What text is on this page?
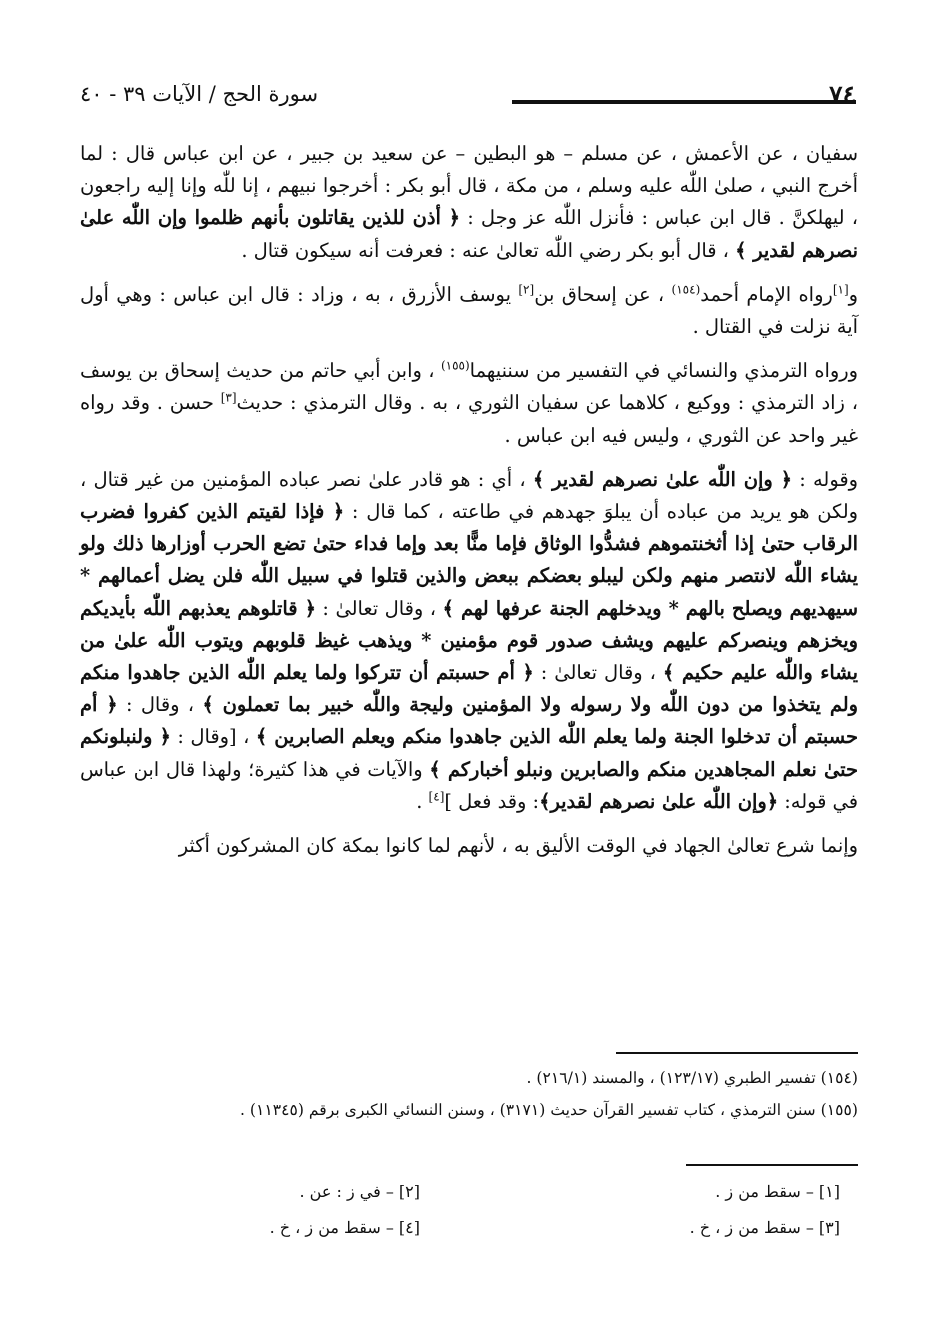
٧٤
سورة الحج / الآيات ٣٩ - ٤٠

سفيان ، عن الأعمش ، عن مسلم – هو البطين – عن سعيد بن جبير ، عن ابن عباس قال : لما أخرج النبي ، صلىٰ اللّٰه عليه وسلم ، من مكة ، قال أبو بكر : أخرجوا نبيهم ، إنا للّٰه وإنا إليه راجعون ، ليهلكنَّ . قال ابن عباس : فأنزل اللّٰه عز وجل : ﴿ أذن للذين يقاتلون بأنهم ظلموا وإن اللّٰه علىٰ نصرهم لقدير ﴾ ، قال أبو بكر رضي اللّٰه تعالىٰ عنه : فعرفت أنه سيكون قتال .

و[١]رواه الإمام أحمد$^{(١٥٤)}$ ، عن إسحاق بن[٢] يوسف الأزرق ، به ، وزاد : قال ابن عباس : وهي أول آية نزلت في القتال .

ورواه الترمذي والنسائي في التفسير من سننيهما$^{(١٥٥)}$ ، وابن أبي حاتم من حديث إسحاق بن يوسف ، زاد الترمذي : ووكيع ، كلاهما عن سفيان الثوري ، به . وقال الترمذي : حديث[٣] حسن . وقد رواه غير واحد عن الثوري ، وليس فيه ابن عباس .

وقوله : ﴿ وإن اللّٰه علىٰ نصرهم لقدير ﴾ ، أي : هو قادر علىٰ نصر عباده المؤمنين من غير قتال ، ولكن هو يريد من عباده أن يبلوَ جهدهم في طاعته ، كما قال : ﴿ فإذا لقيتم الذين كفروا فضرب الرقاب حتىٰ إذا أثخنتموهم فشدُّوا الوثاق فإما منًّا بعد وإما فداء حتىٰ تضع الحرب أوزارها ذلك ولو يشاء اللّٰه لانتصر منهم ولكن ليبلو بعضكم ببعض والذين قتلوا في سبيل اللّٰه فلن يضل أعمالهم * سيهديهم ويصلح بالهم * ويدخلهم الجنة عرفها لهم ﴾ ، وقال تعالىٰ : ﴿ قاتلوهم يعذبهم اللّٰه بأيديكم ويخزهم وينصركم عليهم ويشف صدور قوم مؤمنين * ويذهب غيظ قلوبهم ويتوب اللّٰه علىٰ من يشاء واللّٰه عليم حكيم ﴾ ، وقال تعالىٰ : ﴿ أم حسبتم أن تتركوا ولما يعلم اللّٰه الذين جاهدوا منكم ولم يتخذوا من دون اللّٰه ولا رسوله ولا المؤمنين وليجة واللّٰه خبير بما تعملون ﴾ ، وقال : ﴿ أم حسبتم أن تدخلوا الجنة ولما يعلم اللّٰه الذين جاهدوا منكم ويعلم الصابرين ﴾ ، [وقال : ﴿ ولنبلونكم حتىٰ نعلم المجاهدين منكم والصابرين ونبلو أخباركم ﴾ والآيات في هذا كثيرة؛ ولهذا قال ابن عباس في قوله: ﴿وإن اللّٰه علىٰ نصرهم لقدير﴾: وقد فعل ][٤] .

وإنما شرع تعالىٰ الجهاد في الوقت الأليق به ، لأنهم لما كانوا بمكة كان المشركون أكثر

(١٥٤) تفسير الطبري (١٢٣/١٧) ، والمسند (٢١٦/١) .
(١٥٥) سنن الترمذي ، كتاب تفسير القرآن حديث (٣١٧١) ، وسنن النسائي الكبرى برقم (١١٣٤٥) .
[١] – سقط من ز .
[٢] – في ز : عن .
[٣] – سقط من ز ، خ .
[٤] – سقط من ز ، خ .
